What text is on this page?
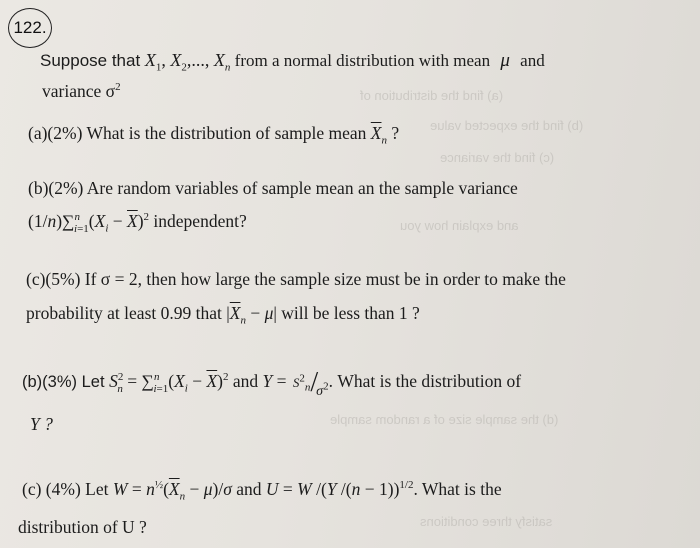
(a) find the distribution of
(b) find the expected value
(c) find the variance
and explain how you
(d) the sample size of a random sample
satisfy three conditions
122.
Suppose that $X_1$, $X_2$,..., $X_n$ from a normal distribution with mean μ and
variance $\sigma^2$
(a)(2%) What is the distribution of sample mean $\overline{X}_n$ ?
(b)(2%) Are random variables of sample mean an the sample variance
$(1/n)\sum^n_{i=1}(X_i - \overline{X})^2$ independent?
(c)(5%) If σ = 2, then how large the sample size must be in order to make the
probability at least 0.99 that $|\overline{X}_n - \mu|$ will be less than 1 ?
(b)(3%) Let $S^2_n = \sum^n_{i=1}(X_i - \overline{X})^2$ and $Y = S^2_n$ $/_{\sigma^2}$. What is the distribution of
Y ?
(c) (4%) Let $W = n^{\frac{1}{2}}(\overline{X}_n - \mu)/\sigma$ and U = W /(Y /(n − 1))$^{1/2}$. What is the
distribution of U ?
